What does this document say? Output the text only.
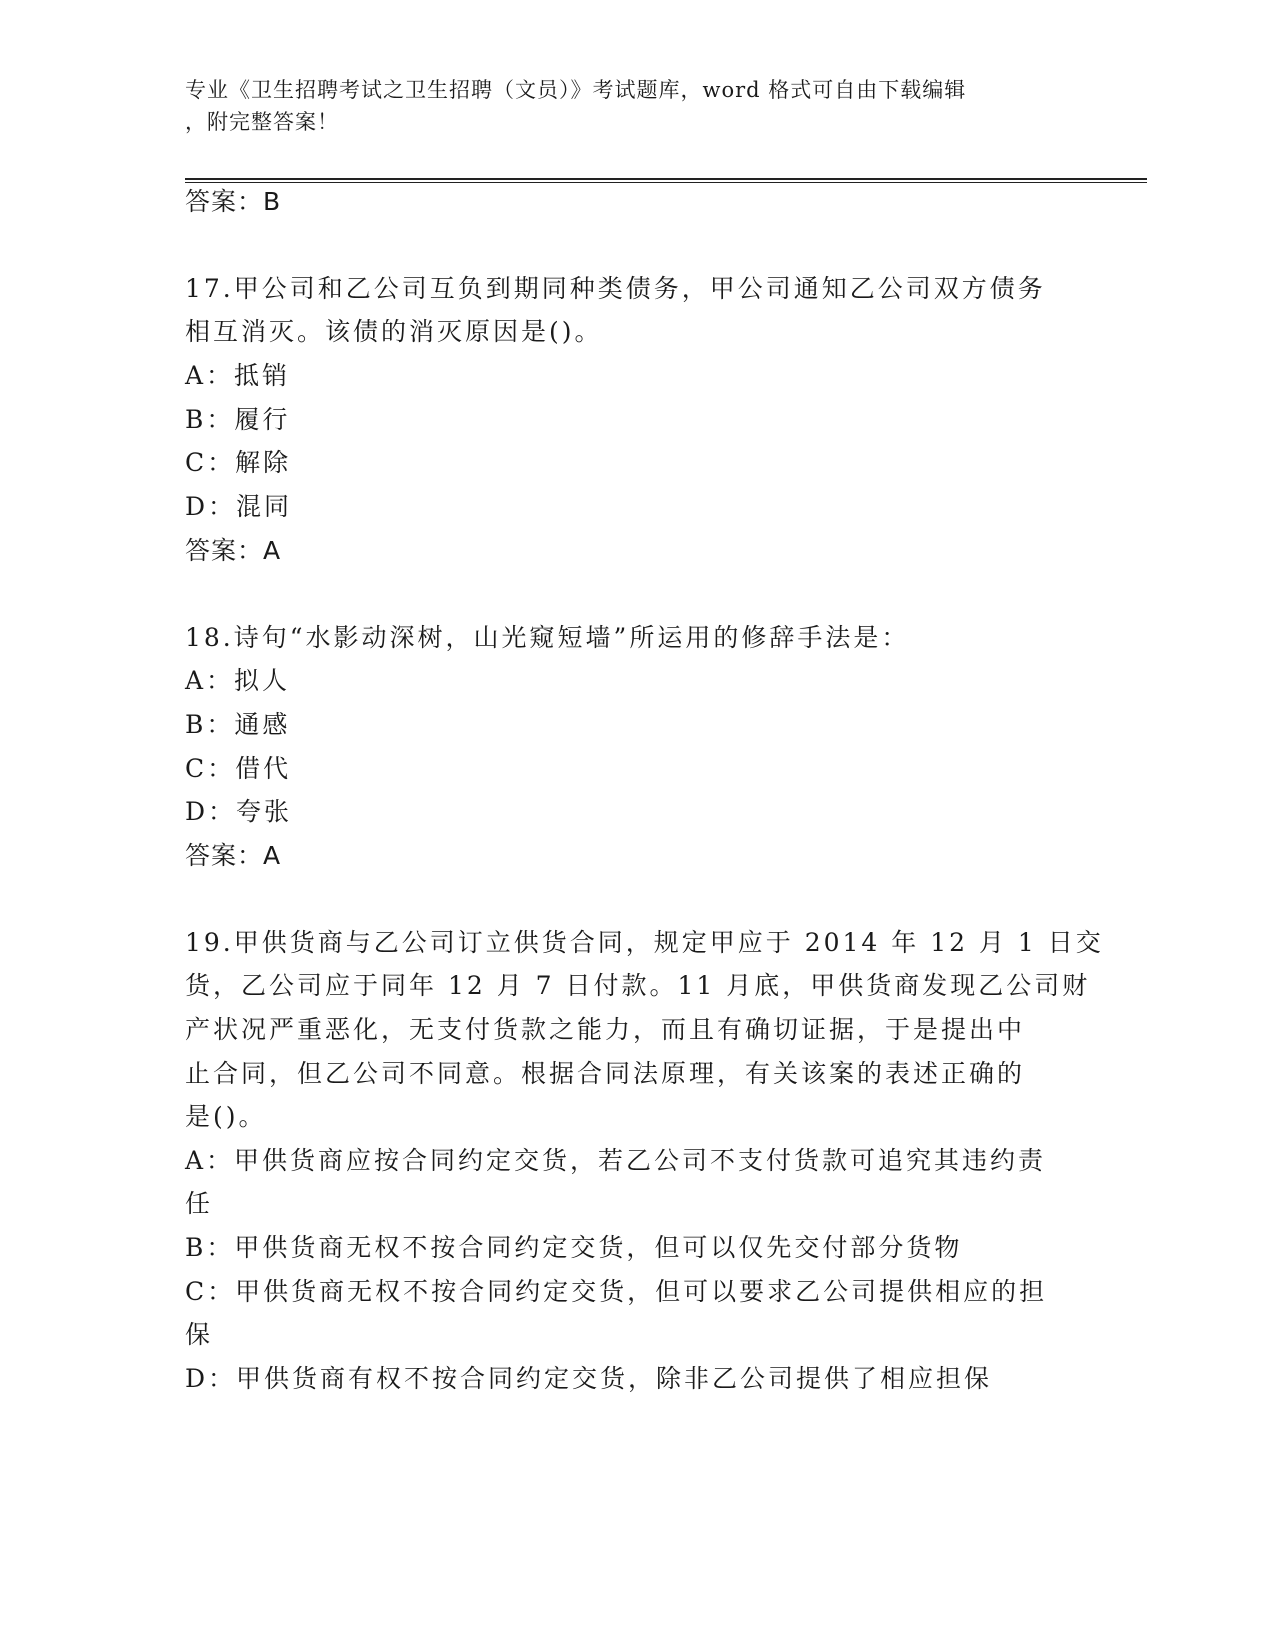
专业《卫生招聘考试之卫生招聘（文员）》考试题库，word 格式可自由下载编辑
，附完整答案！
答案：B
17.甲公司和乙公司互负到期同种类债务，甲公司通知乙公司双方债务
相互消灭。该债的消灭原因是()。
A：抵销
B：履行
C：解除
D：混同
答案：A
18.诗句“水影动深树，山光窥短墙”所运用的修辞手法是：
A：拟人
B：通感
C：借代
D：夸张
答案：A
19.甲供货商与乙公司订立供货合同，规定甲应于 2014 年 12 月 1 日交
货，乙公司应于同年 12 月 7 日付款。11 月底，甲供货商发现乙公司财
产状况严重恶化，无支付货款之能力，而且有确切证据，于是提出中
止合同，但乙公司不同意。根据合同法原理，有关该案的表述正确的
是()。
A：甲供货商应按合同约定交货，若乙公司不支付货款可追究其违约责
任
B：甲供货商无权不按合同约定交货，但可以仅先交付部分货物
C：甲供货商无权不按合同约定交货，但可以要求乙公司提供相应的担
保
D：甲供货商有权不按合同约定交货，除非乙公司提供了相应担保
